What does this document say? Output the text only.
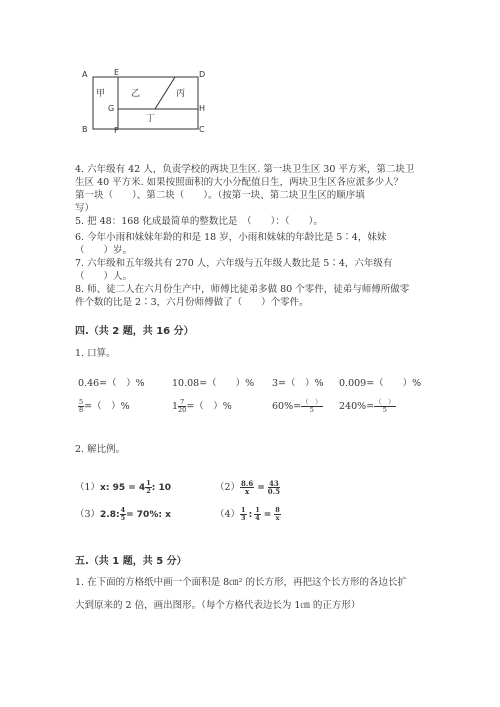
A	E	D
G	H
B	F	C
甲	乙	丙
丁
4. 六年级有 42 人，负责学校的两块卫生区. 第一块卫生区 30 平方米，第二块卫
生区 40 平方米. 如果按照面积的大小分配值日生，两块卫生区各应派多少人？
第一块（　　）、第二块（　　）。（按第一块、第二块卫生区的顺序填
写）
5. 把 48：168 化成最简单的整数比是　（　　）：（　　）。
6. 今年小雨和妹妹年龄的和是 18 岁，小雨和妹妹的年龄比是 5∶4，妹妹
（　　）岁。
7. 六年级和五年级共有 270 人，六年级与五年级人数比是 5∶4，六年级有
（　　）人。
8. 师、徒二人在六月份生产中，师傅比徒弟多做 80 个零件，徒弟与师傅所做零
件个数的比是 2∶3，六月份师傅做了（　　）个零件。
四.（共 2 题，共 16 分）
1. 口算。
0.46=（　）%	10.08=（　　）% 3=（　）% 0.009=（　　）%
$\frac{5}{8}$ =（　）%	$1 \frac{7}{20}$ =（　）%	$60\%= \frac{( )}{5} 240\%= \frac{( )}{5}$
2. 解比例。
（1）x: $95 = 4 \frac{1}{2}$ : 10	$(2) \frac{8.6}{x} = \frac{43}{0.5}$
（3）2.8: $\frac{4}{5} = 70\%$: x	$(4) \frac{1}{3}$ : $\frac{1}{4} = \frac{8}{x}$
五.（共 1 题，共 5 分）
1. 在下面的方格纸中画一个面积是 8㎝² 的长方形，再把这个长方形的各边长扩
大到原来的 2 倍，画出图形。（每个方格代表边长为 1㎝ 的正方形）
